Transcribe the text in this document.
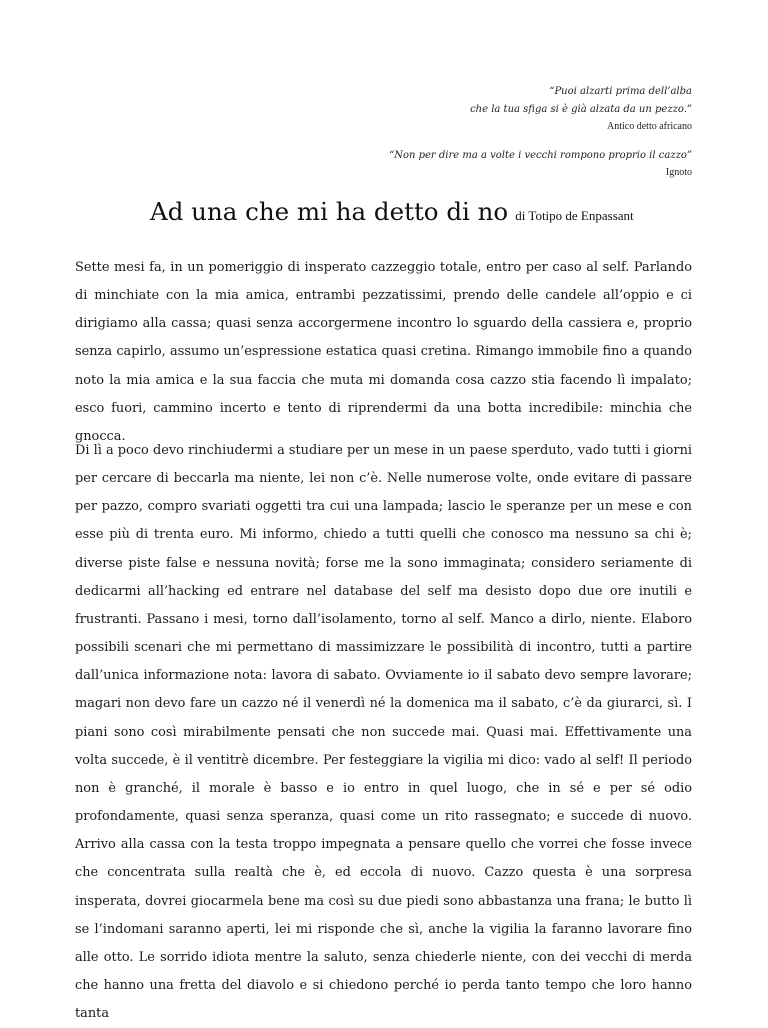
“Puoi alzarti prima dell’alba
che la tua sfiga si è già alzata da un pezzo.”
Antico detto africano
“Non per dire ma a volte i vecchi rompono proprio il cazzo”
Ignoto
Ad una che mi ha detto di no di Totipo de Enpassant

Sette mesi fa, in un pomeriggio di insperato cazzeggio totale, entro per caso al self. Parlando di minchiate con la mia amica, entrambi pezzatissimi, prendo delle candele all’oppio e ci dirigiamo alla cassa; quasi senza accorgermene incontro lo sguardo della cassiera e, proprio senza capirlo, assumo un’espressione estatica quasi cretina. Rimango immobile fino a quando noto la mia amica e la sua faccia che muta mi domanda cosa cazzo stia facendo lì impalato; esco fuori, cammino incerto e tento di riprendermi da una botta incredibile: minchia che gnocca.

Di lì a poco devo rinchiudermi a studiare per un mese in un paese sperduto, vado tutti i giorni per cercare di beccarla ma niente, lei non c’è. Nelle numerose volte, onde evitare di passare per pazzo, compro svariati oggetti tra cui una lampada; lascio le speranze per un mese e con esse più di trenta euro. Mi informo, chiedo a tutti quelli che conosco ma nessuno sa chi è; diverse piste false e nessuna novità; forse me la sono immaginata; considero seriamente di dedicarmi all’hacking ed entrare nel database del self ma desisto dopo due ore inutili e frustranti. Passano i mesi, torno dall’isolamento, torno al self. Manco a dirlo, niente. Elaboro possibili scenari che mi permettano di massimizzare le possibilità di incontro, tutti a partire dall’unica informazione nota: lavora di sabato. Ovviamente io il sabato devo sempre lavorare; magari non devo fare un cazzo né il venerdì né la domenica ma il sabato, c’è da giurarci, sì. I piani sono così mirabilmente pensati che non succede mai. Quasi mai. Effettivamente una volta succede, è il ventitrè dicembre. Per festeggiare la vigilia mi dico: vado al self! Il periodo non è granché, il morale è basso e io entro in quel luogo, che in sé e per sé odio profondamente, quasi senza speranza, quasi come un rito rassegnato; e succede di nuovo. Arrivo alla cassa con la testa troppo impegnata a pensare quello che vorrei che fosse invece che concentrata sulla realtà che è, ed eccola di nuovo. Cazzo questa è una sorpresa insperata, dovrei giocarmela bene ma così su due piedi sono abbastanza una frana; le butto lì se l’indomani saranno aperti, lei mi risponde che sì, anche la vigilia la faranno lavorare fino alle otto. Le sorrido idiota mentre la saluto, senza chiederle niente, con dei vecchi di merda che hanno una fretta del diavolo e si chiedono perché io perda tanto tempo che loro hanno tanta
